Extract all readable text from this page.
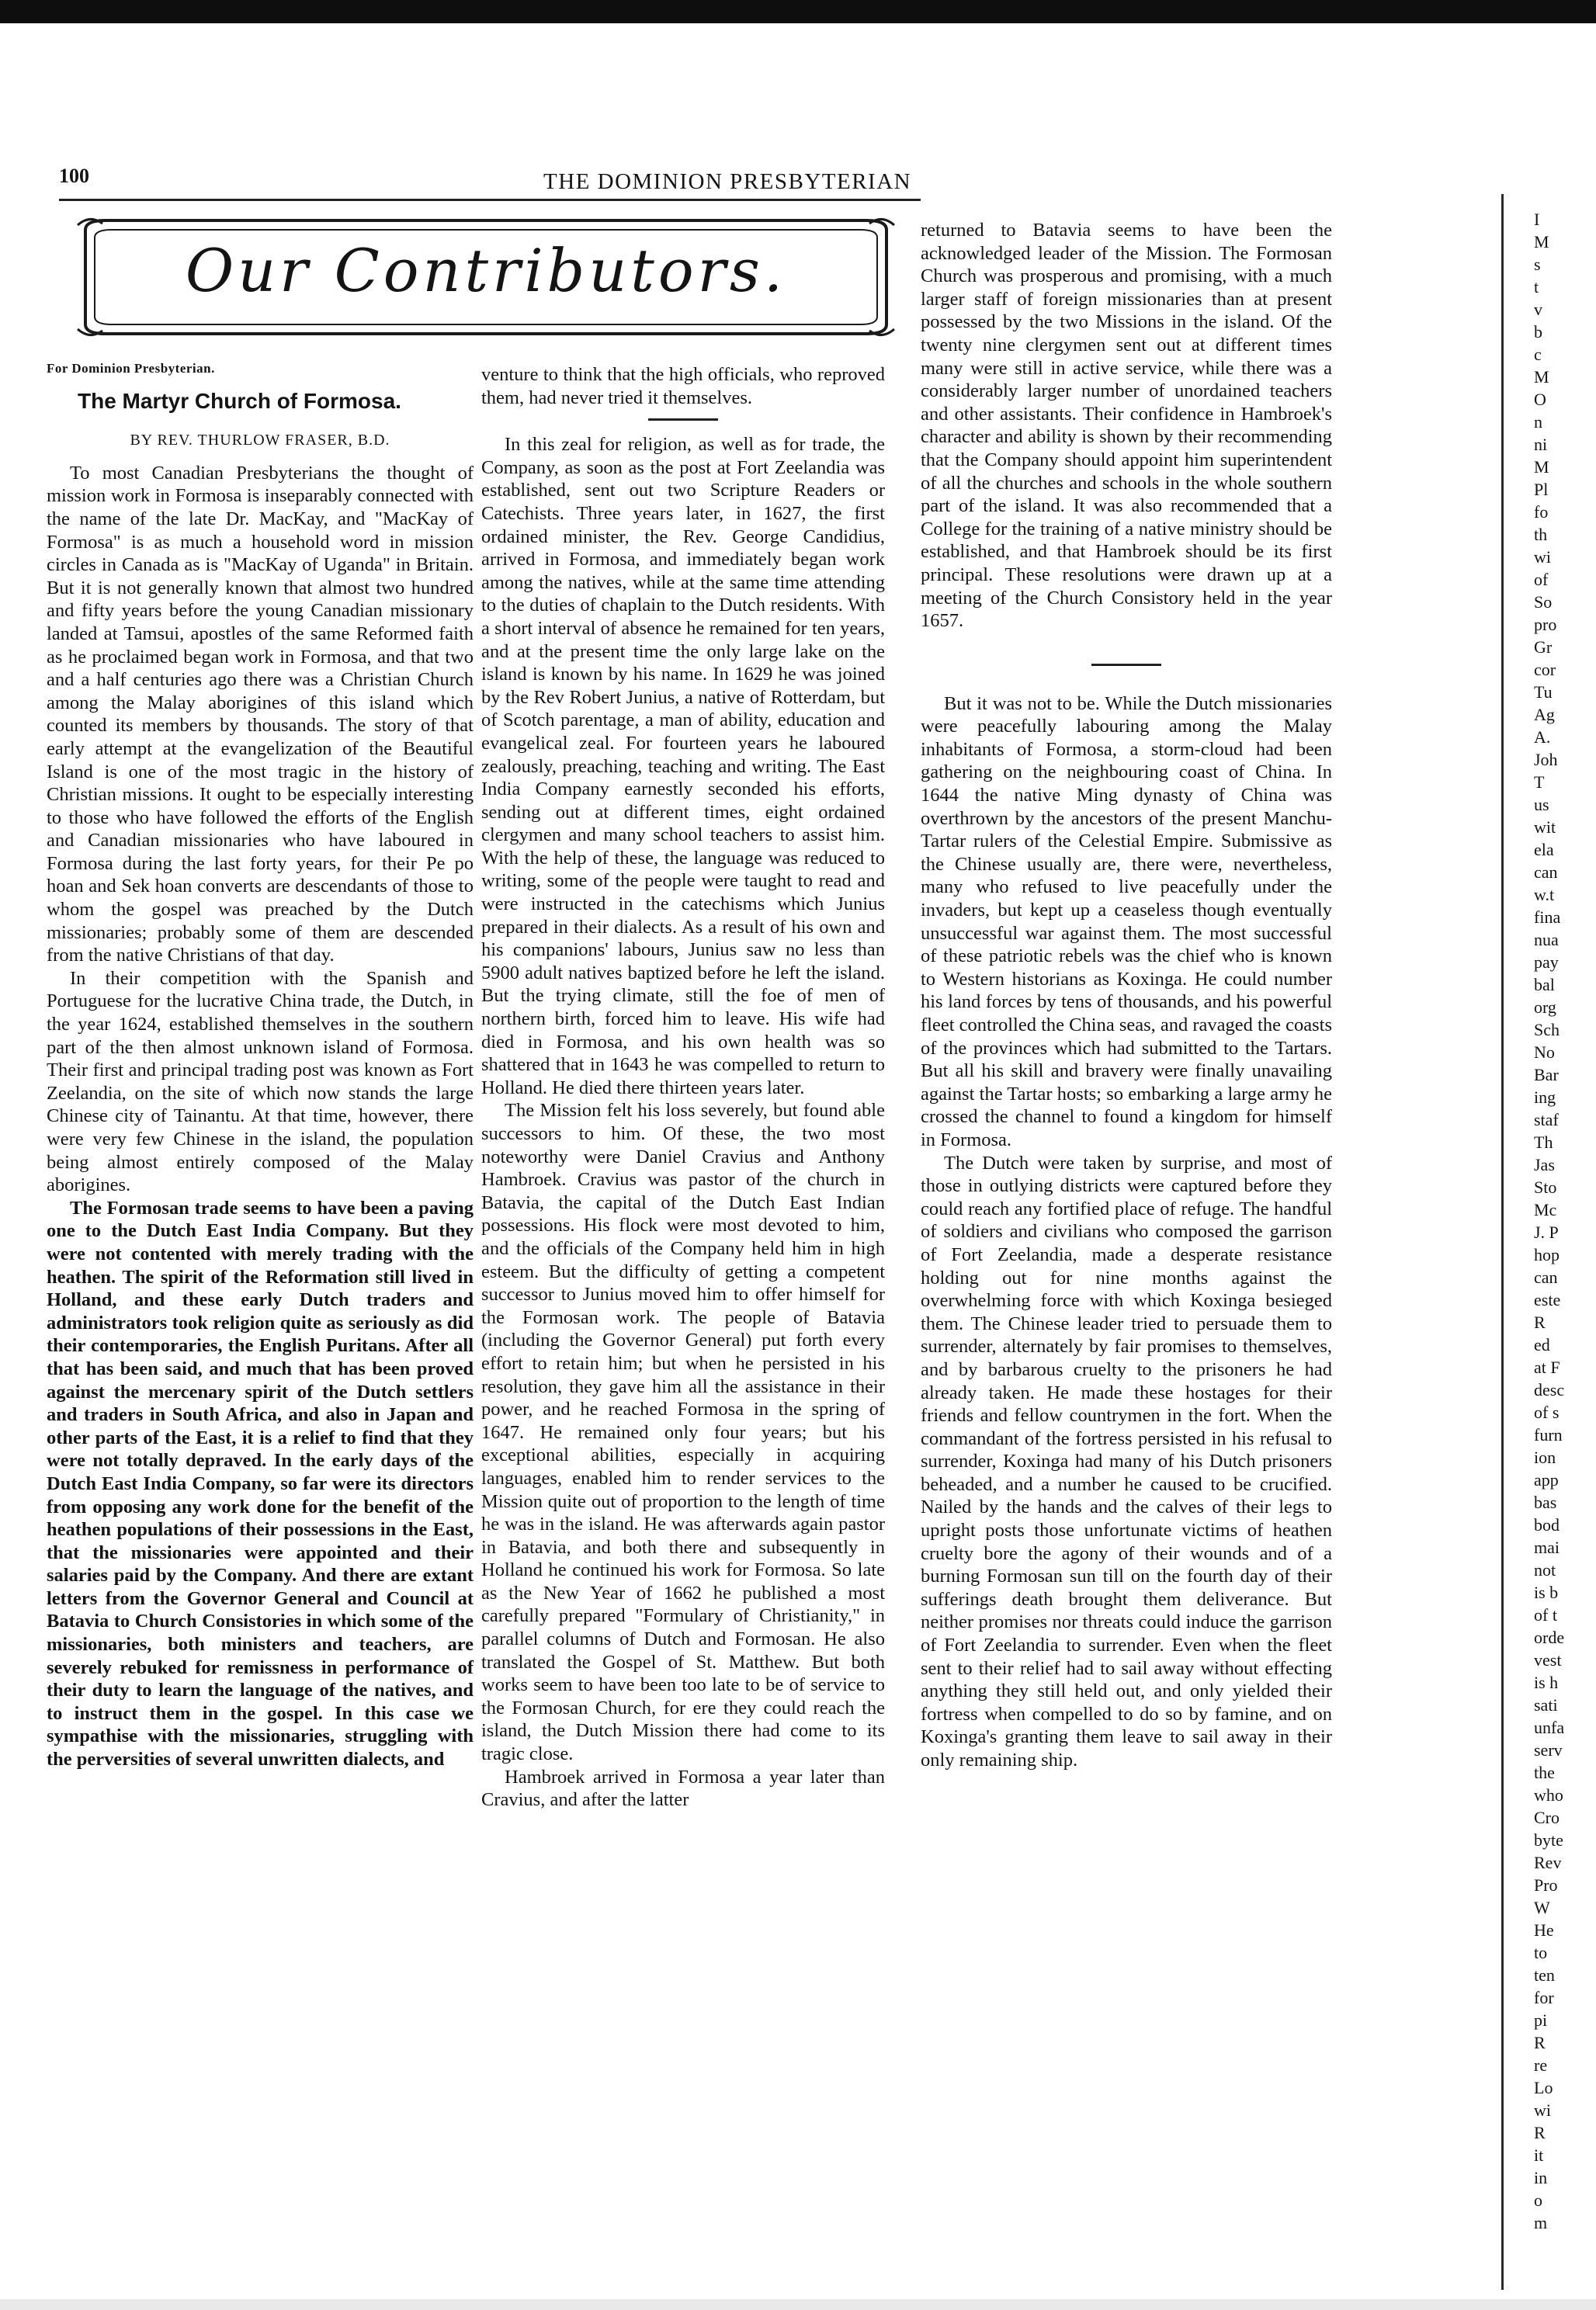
100	THE DOMINION PRESBYTERIAN
Our Contributors.

For Dominion Presbyterian.

The Martyr Church of Formosa.
BY REV. THURLOW FRASER, B.D.

To most Canadian Presbyterians the thought of mission work in Formosa is inseparably connected with the name of the late Dr. MacKay, and "MacKay of Formosa" is as much a household word in mission circles in Canada as is "MacKay of Uganda" in Britain. But it is not generally known that almost two hundred and fifty years before the young Canadian missionary landed at Tamsui, apostles of the same Reformed faith as he proclaimed began work in Formosa, and that two and a half centuries ago there was a Christian Church among the Malay aborigines of this island which counted its members by thousands. The story of that early attempt at the evangelization of the Beautiful Island is one of the most tragic in the history of Christian missions. It ought to be especially interesting to those who have followed the efforts of the English and Canadian missionaries who have laboured in Formosa during the last forty years, for their Pe po hoan and Sek hoan converts are descendants of those to whom the gospel was preached by the Dutch missionaries; probably some of them are descended from the native Christians of that day.

In their competition with the Spanish and Portuguese for the lucrative China trade, the Dutch, in the year 1624, established themselves in the southern part of the then almost unknown island of Formosa. Their first and principal trading post was known as Fort Zeelandia, on the site of which now stands the large Chinese city of Tainantu. At that time, however, there were very few Chinese in the island, the population being almost entirely composed of the Malay aborigines.

The Formosan trade seems to have been a paving one to the Dutch East India Company. But they were not contented with merely trading with the heathen. The spirit of the Reformation still lived in Holland, and these early Dutch traders and administrators took religion quite as seriously as did their contemporaries, the English Puritans. After all that has been said, and much that has been proved against the mercenary spirit of the Dutch settlers and traders in South Africa, and also in Japan and other parts of the East, it is a relief to find that they were not totally depraved. In the early days of the Dutch East India Company, so far were its directors from opposing any work done for the benefit of the heathen populations of their possessions in the East, that the missionaries were appointed and their salaries paid by the Company. And there are extant letters from the Governor General and Council at Batavia to Church Consistories in which some of the missionaries, both ministers and teachers, are severely rebuked for remissness in performance of their duty to learn the language of the natives, and to instruct them in the gospel. In this case we sympathise with the missionaries, struggling with the perversities of several unwritten dialects, and

venture to think that the high officials, who reproved them, had never tried it themselves.

In this zeal for religion, as well as for trade, the Company, as soon as the post at Fort Zeelandia was established, sent out two Scripture Readers or Catechists. Three years later, in 1627, the first ordained minister, the Rev. George Candidius, arrived in Formosa, and immediately began work among the natives, while at the same time attending to the duties of chaplain to the Dutch residents. With a short interval of absence he remained for ten years, and at the present time the only large lake on the island is known by his name. In 1629 he was joined by the Rev Robert Junius, a native of Rotterdam, but of Scotch parentage, a man of ability, education and evangelical zeal. For fourteen years he laboured zealously, preaching, teaching and writing. The East India Company earnestly seconded his efforts, sending out at different times, eight ordained clergymen and many school teachers to assist him. With the help of these, the language was reduced to writing, some of the people were taught to read and were instructed in the catechisms which Junius prepared in their dialects. As a result of his own and his companions' labours, Junius saw no less than 5900 adult natives baptized before he left the island. But the trying climate, still the foe of men of northern birth, forced him to leave. His wife had died in Formosa, and his own health was so shattered that in 1643 he was compelled to return to Holland. He died there thirteen years later.

The Mission felt his loss severely, but found able successors to him. Of these, the two most noteworthy were Daniel Cravius and Anthony Hambroek. Cravius was pastor of the church in Batavia, the capital of the Dutch East Indian possessions. His flock were most devoted to him, and the officials of the Company held him in high esteem. But the difficulty of getting a competent successor to Junius moved him to offer himself for the Formosan work. The people of Batavia (including the Governor General) put forth every effort to retain him; but when he persisted in his resolution, they gave him all the assistance in their power, and he reached Formosa in the spring of 1647. He remained only four years; but his exceptional abilities, especially in acquiring languages, enabled him to render services to the Mission quite out of proportion to the length of time he was in the island. He was afterwards again pastor in Batavia, and both there and subsequently in Holland he continued his work for Formosa. So late as the New Year of 1662 he published a most carefully prepared "Formulary of Christianity," in parallel columns of Dutch and Formosan. He also translated the Gospel of St. Matthew. But both works seem to have been too late to be of service to the Formosan Church, for ere they could reach the island, the Dutch Mission there had come to its tragic close.

Hambroek arrived in Formosa a year later than Cravius, and after the latter

returned to Batavia seems to have been the acknowledged leader of the Mission. The Formosan Church was prosperous and promising, with a much larger staff of foreign missionaries than at present possessed by the two Missions in the island. Of the twenty nine clergymen sent out at different times many were still in active service, while there was a considerably larger number of unordained teachers and other assistants. Their confidence in Hambroek's character and ability is shown by their recommending that the Company should appoint him superintendent of all the churches and schools in the whole southern part of the island. It was also recommended that a College for the training of a native ministry should be established, and that Hambroek should be its first principal. These resolutions were drawn up at a meeting of the Church Consistory held in the year 1657.

But it was not to be. While the Dutch missionaries were peacefully labouring among the Malay inhabitants of Formosa, a storm-cloud had been gathering on the neighbouring coast of China. In 1644 the native Ming dynasty of China was overthrown by the ancestors of the present Manchu-Tartar rulers of the Celestial Empire. Submissive as the Chinese usually are, there were, nevertheless, many who refused to live peacefully under the invaders, but kept up a ceaseless though eventually unsuccessful war against them. The most successful of these patriotic rebels was the chief who is known to Western historians as Koxinga. He could number his land forces by tens of thousands, and his powerful fleet controlled the China seas, and ravaged the coasts of the provinces which had submitted to the Tartars. But all his skill and bravery were finally unavailing against the Tartar hosts; so embarking a large army he crossed the channel to found a kingdom for himself in Formosa.

The Dutch were taken by surprise, and most of those in outlying districts were captured before they could reach any fortified place of refuge. The handful of soldiers and civilians who composed the garrison of Fort Zeelandia, made a desperate resistance holding out for nine months against the overwhelming force with which Koxinga besieged them. The Chinese leader tried to persuade them to surrender, alternately by fair promises to themselves, and by barbarous cruelty to the prisoners he had already taken. He made these hostages for their friends and fellow countrymen in the fort. When the commandant of the fortress persisted in his refusal to surrender, Koxinga had many of his Dutch prisoners beheaded, and a number he caused to be crucified. Nailed by the hands and the calves of their legs to upright posts those unfortunate victims of heathen cruelty bore the agony of their wounds and of a burning Formosan sun till on the fourth day of their sufferings death brought them deliverance. But neither promises nor threats could induce the garrison of Fort Zeelandia to surrender. Even when the fleet sent to their relief had to sail away without effecting anything they still held out, and only yielded their fortress when compelled to do so by famine, and on Koxinga's granting them leave to sail away in their only remaining ship.

I
M
s
t
v
b
c
M
O
n
ni
M
Pl
fo
th
wi
of
So
pro
Gr
cor
Tu
Ag
A.
Joh
T
us
wit
ela
can
w.t
fina
nua
pay
bal
org
Sch
No
Bar
ing
staf
Th
Jas
Sto
Mc
J. P
hop
can
este
R
ed
at F
desc
of s
furn
ion
app
bas
bod
mai
not
is b
of t
orde
vest
is h
sati
unfa
serv
the
who
Cro
byte
Rev
Pro
W
He
to
ten
for
pi
R
re
Lo
wi
R
it
in
o
m
